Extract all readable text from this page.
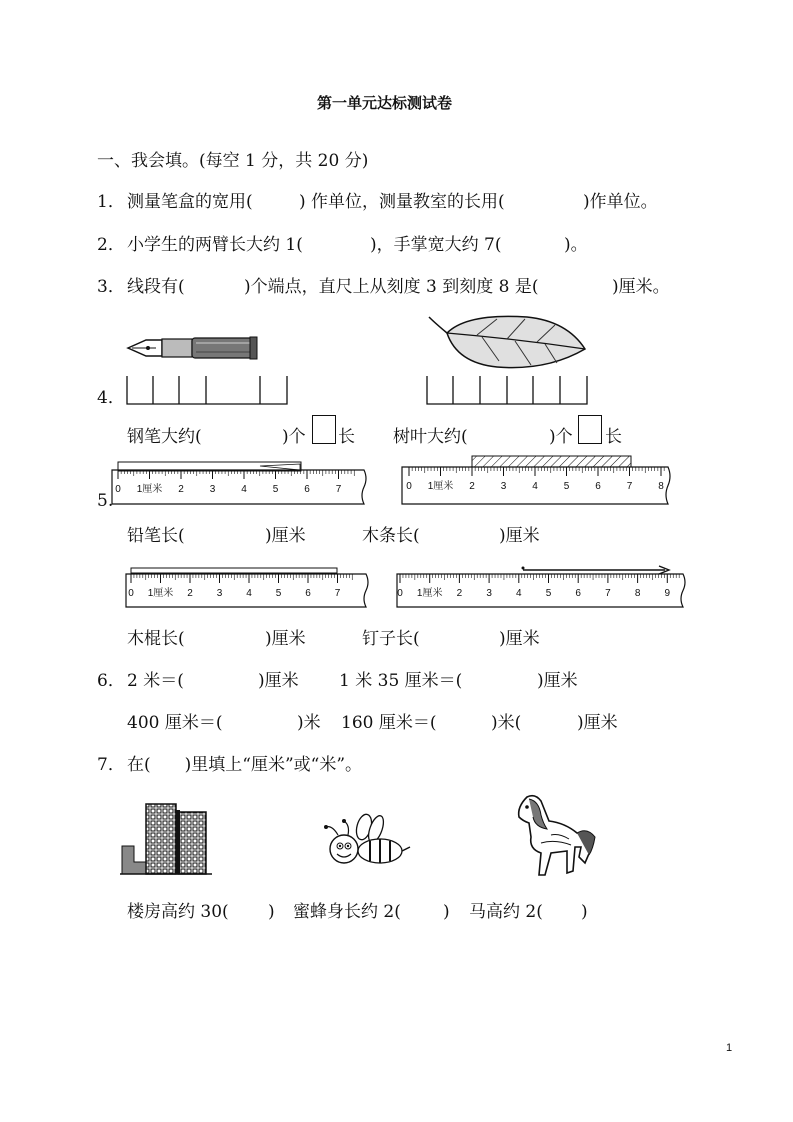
第一单元达标测试卷
一、我会填。(每空 1 分，共 20 分)
1． 测量笔盒的宽用(	) 作单位，测量教室的长用(	)作单位。
2． 小学生的两臂长大约 1(	)，手掌宽大约 7(	)。
3． 线段有(	)个端点，直尺上从刻度 3 到刻度 8 是(	)厘米。
4．
钢笔大约(	)个 长 树叶大约(	)个 长
5.
0 1厘米 2	3	4	5	6	7	0 1厘米 2	3	4	5	6	7	8
铅笔长(	)厘米	木条长(	)厘米
0 1厘米 2 3 4 5 6 7	0 1厘米 2 3 4 5 6 7 8 9
木棍长(	)厘米	钉子长(	)厘米
6． 2 米＝(	)厘米 1 米 35 厘米＝(	)厘米
400 厘米＝(	)米 160 厘米＝(	)米(	)厘米
7． 在(　　)里填上“厘米”或“米”。
楼房高约 30( ) 蜜蜂身长约 2( ) 马高约 2( )
1
